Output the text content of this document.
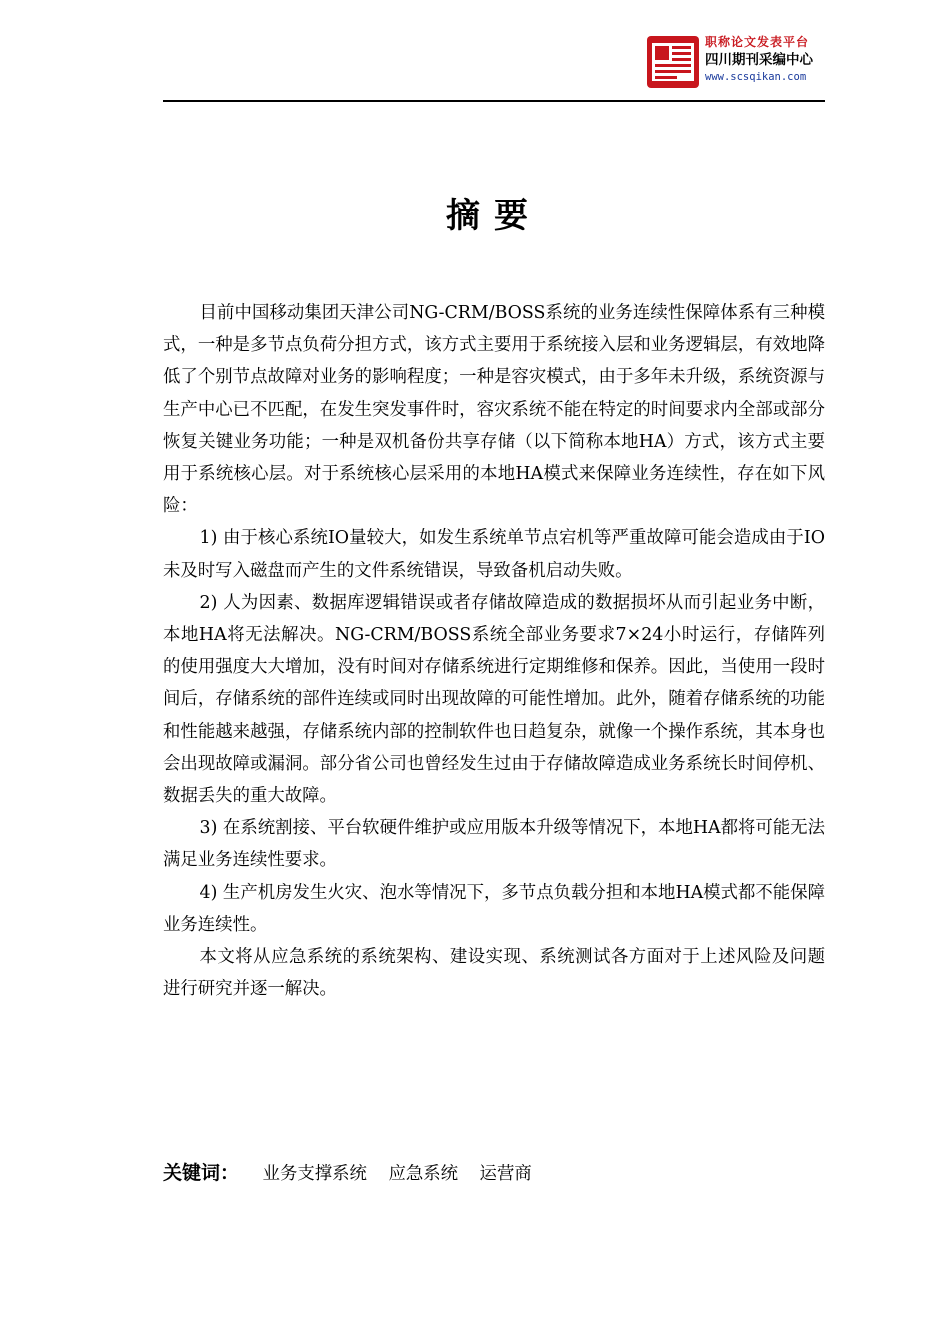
职称论文发表平台
四川期刊采编中心
www.scsqikan.com
摘要

目前中国移动集团天津公司NG-CRM/BOSS系统的业务连续性保障体系有三种模式，一种是多节点负荷分担方式，该方式主要用于系统接入层和业务逻辑层，有效地降低了个别节点故障对业务的影响程度；一种是容灾模式，由于多年未升级，系统资源与生产中心已不匹配，在发生突发事件时，容灾系统不能在特定的时间要求内全部或部分恢复关键业务功能；一种是双机备份共享存储（以下简称本地HA）方式，该方式主要用于系统核心层。对于系统核心层采用的本地HA模式来保障业务连续性，存在如下风险：

1) 由于核心系统IO量较大，如发生系统单节点宕机等严重故障可能会造成由于IO未及时写入磁盘而产生的文件系统错误，导致备机启动失败。

2) 人为因素、数据库逻辑错误或者存储故障造成的数据损坏从而引起业务中断，本地HA将无法解决。NG-CRM/BOSS系统全部业务要求7×24小时运行，存储阵列的使用强度大大增加，没有时间对存储系统进行定期维修和保养。因此，当使用一段时间后，存储系统的部件连续或同时出现故障的可能性增加。此外，随着存储系统的功能和性能越来越强，存储系统内部的控制软件也日趋复杂，就像一个操作系统，其本身也会出现故障或漏洞。部分省公司也曾经发生过由于存储故障造成业务系统长时间停机、数据丢失的重大故障。

3) 在系统割接、平台软硬件维护或应用版本升级等情况下，本地HA都将可能无法满足业务连续性要求。

4) 生产机房发生火灾、泡水等情况下，多节点负载分担和本地HA模式都不能保障业务连续性。

本文将从应急系统的系统架构、建设实现、系统测试各方面对于上述风险及问题进行研究并逐一解决。

关键词： 业务支撑系统 应急系统 运营商
